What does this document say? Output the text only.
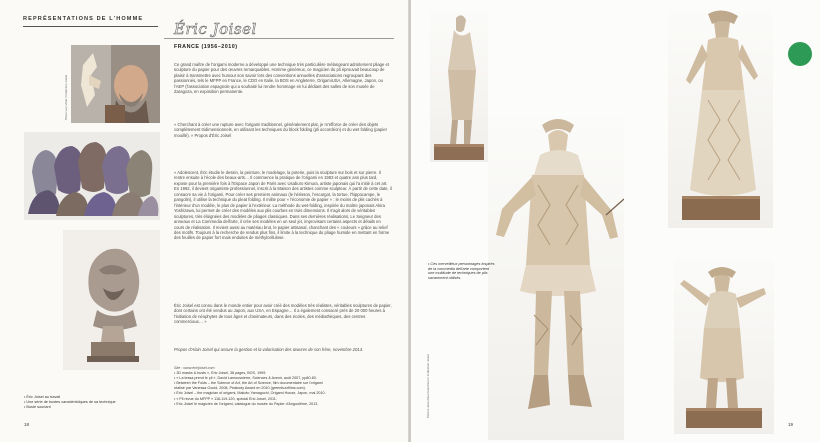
REPRÉSENTATIONS DE L'HOMME
Éric Joisel
FRANCE (1956–2010)

Ce grand maître de l'origami moderne a développé une technique très particulière mélangeant adroitement pliage et sculpture du papier pour des œuvres remarquables. Homme généreux, ce magicien du pli éprouvait beaucoup de plaisir à transmettre avec humour son savoir lors des conventions annuelles d'associations regroupant des passionnés, tels le MFPP en France, le CDO en Italie, la BOS en Angleterre, OrigamiUSA, Allemagne, Japon, ou l'AEP (l'association espagnole qui a souhaité lui rendre hommage en lui dédiant des salles de son musée de Zaragoza, en exposition permanente.

« Cherchant à créer une rupture avec l'origami traditionnel, généralement plat, je m'efforce de créer des objets complètement tridimensionnels, en utilisant les techniques du block folding (pli accordéon) et du wet folding (papier mouillé). » Propos d'Éric Joisel

« Adolescent, Éric étudie le dessin, la peinture, le modelage, la poterie, puis la sculpture sur bois et sur pierre. Il rentre ensuite à l'école des beaux-arts… Il commence la pratique de l'origami en 1983 et quatre ans plus tard, expose pour la première fois à l'Espace Japon de Paris avec Usaburo Kimura, artiste japonais qui l'a initié à cet art. En 1992, il devient origamiste professionnel, inscrit à la Maison des artistes comme sculpteur. À partir de cette date, il consacre sa vie à l'origami. Pour créer ses premiers animaux (le hérisson, l'escargot, la tortue, l'hippocampe, le pangolin), il utilise la technique du pleat folding. Il milite pour « l'économie de papier » : le moins de plis cachés à l'intérieur d'un modèle, le plus de papier à l'extérieur. La méthode du wet-folding, inspirée du maître japonais Akira Yoshizawa, lui permet de créer des modèles aux plis courbes en trois dimensions. Il s'agit alors de véritables sculptures, très éloignées des modèles de pliages classiques. Dans ses dernières réalisations, Le Seigneur des anneaux et La Commedia dell'arte, il crée ses modèles en un seul jet, improvisant certains aspects et détails en cours de réalisation. Il revient aussi au matériau brut, le papier artisanal, chanchant des « couleurs » grâce au relief des motifs. Toujours à la recherche de rendus plus fins, il limite à la technique du pliage humide en mettant en forme des feuilles de papier fort mais enduites de méthylcellulose.

Éric Joisel est connu dans le monde entier pour avoir créé des modèles très réalistes, véritables sculptures de papier, dont certains ont été vendus au Japon, aux USA, en Espagne… Il a également consacré près de 20 000 heures à l'initiation de néophytes de tous âges et d'animateurs, dans des écoles, des médiathèques, des centres commerciaux… »

Propos d'Alain Joisel qui assure la gestion et la valorisation des œuvres de son frère, novembre 2014.

Site : www.ericjoisel.com
• 3D masks & busts », Éric Joisel, 38 pages, BOS, 1999.
• « La tessa prend le pli », David Lamoussierre, Sciences & Avenir, août 2007, pp80-83.
• Between the Folds – the Science of Art, the Art of Science, film documentaire sur l'origami
réalisé par Vanessa Gould, 2008, Peabody Award en 2010 (greenfuzzfilms.com).
• Éric Joisel – the magician of origami, Makoto Yamaguchi, Origami House, Japon, mai 2010.
• « Pli revue du MFPP » 118-119-120, spécial Éric Joisel, 2011.
• Éric Joisel le magicien de l'origami, catalogue du musée du Papier d'Angoulême, 2013.
Photo Leo Vitali / Collection Joisel
• Éric Joisel au travail
• Une série de bustes caractéristiques de sa technique
• Buste souriant
18
• Ces merveilleux personnages inspirés de la commedia dell'arte comportent une multitude de techniques de plis savamment utilisés.
Photos Jean-Paul Grandmont / Collection Joisel
19
